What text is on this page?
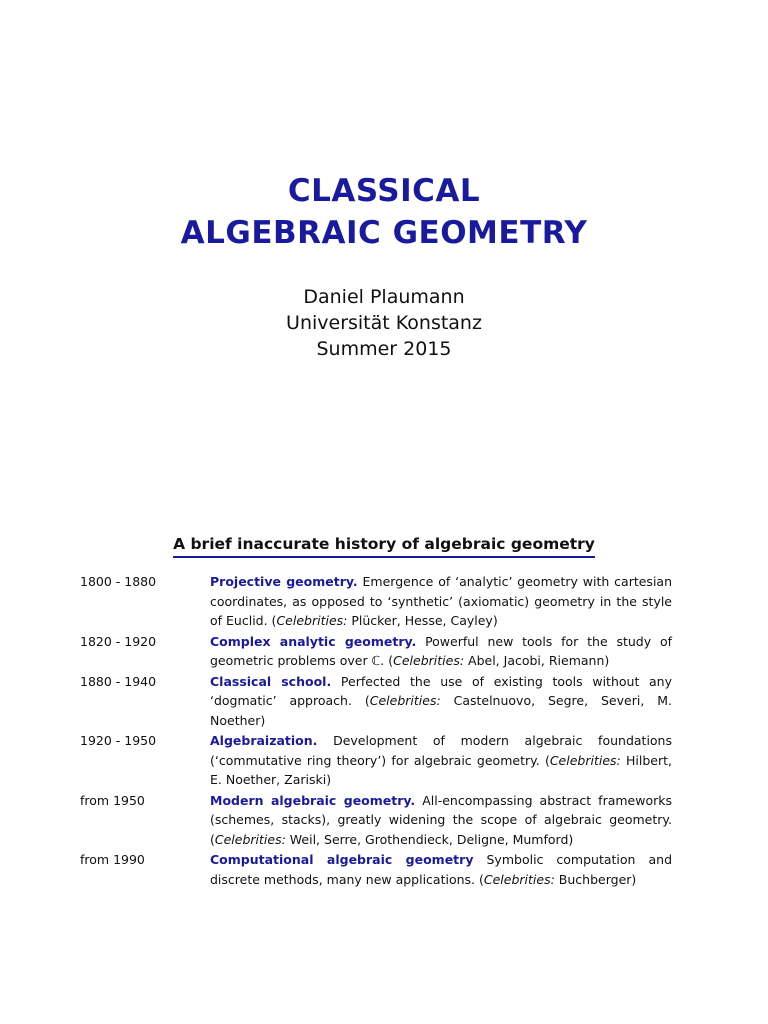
CLASSICAL
ALGEBRAIC GEOMETRY
Daniel Plaumann
Universität Konstanz
Summer 2015
A brief inaccurate history of algebraic geometry
1800 - 1880	Projective geometry. Emergence of ‘analytic’ geometry with cartesian coordinates, as opposed to ‘synthetic’ (axiomatic) geometry in the style of Euclid. (Celebrities: Plücker, Hesse, Cayley)
1820 - 1920	Complex analytic geometry. Powerful new tools for the study of geometric problems over ℂ. (Celebrities: Abel, Jacobi, Riemann)
1880 - 1940	Classical school. Perfected the use of existing tools without any ‘dogmatic’ approach. (Celebrities: Castelnuovo, Segre, Severi, M. Noether)
1920 - 1950	Algebraization. Development of modern algebraic foundations (‘commutative ring theory’) for algebraic geometry. (Celebrities: Hilbert, E. Noether, Zariski)
from 1950	Modern algebraic geometry. All-encompassing abstract frameworks (schemes, stacks), greatly widening the scope of algebraic geometry. (Celebrities: Weil, Serre, Grothendieck, Deligne, Mumford)
from 1990	Computational algebraic geometry Symbolic computation and discrete methods, many new applications. (Celebrities: Buchberger)
